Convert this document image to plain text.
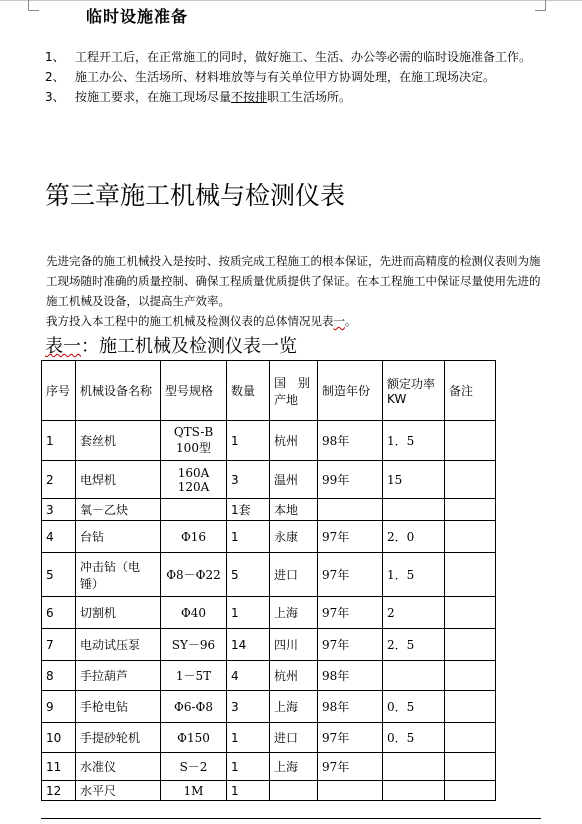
临时设施准备
1、 工程开工后，在正常施工的同时，做好施工、生活、办公等必需的临时设施准备工作。
2、 施工办公、生活场所、材料堆放等与有关单位甲方协调处理，在施工现场决定。
3、 按施工要求，在施工现场尽量不按排职工生活场所。
第三章施工机械与检测仪表
先进完备的施工机械投入是按时、按质完成工程施工的根本保证，先进而高精度的检测仪表则为施工现场随时准确的质量控制、确保工程质量优质提供了保证。在本工程施工中保证尽量使用先进的施工机械及设备，以提高生产效率。
我方投入本工程中的施工机械及检测仪表的总体情况见表一。
表一：施工机械及检测仪表一览
序号	机械设备名称	型号规格	数量	国　别产地	制造年份	额定功率KW	备注
1	套丝机	QTS-B 100型	1	杭州	98年	1．5	
2	电焊机	160A 120A	3	温州	99年	15	
3	氧－乙炔		1套	本地			
4	台钻	Φ16	1	永康	97年	2．0	
5	冲击钻（电锤）	Φ8－Φ22	5	进口	97年	1．5	
6	切割机	Φ40	1	上海	97年	2	
7	电动试压泵	SY－96	14	四川	97年	2．5	
8	手拉葫芦	1－5T	4	杭州	98年		
9	手枪电钻	Φ6-Φ8	3	上海	98年	0．5	
10	手提砂轮机	Φ150	1	进口	97年	0．5	
11	水准仪	S－2	1	上海	97年		
12	水平尺	1M	1				
